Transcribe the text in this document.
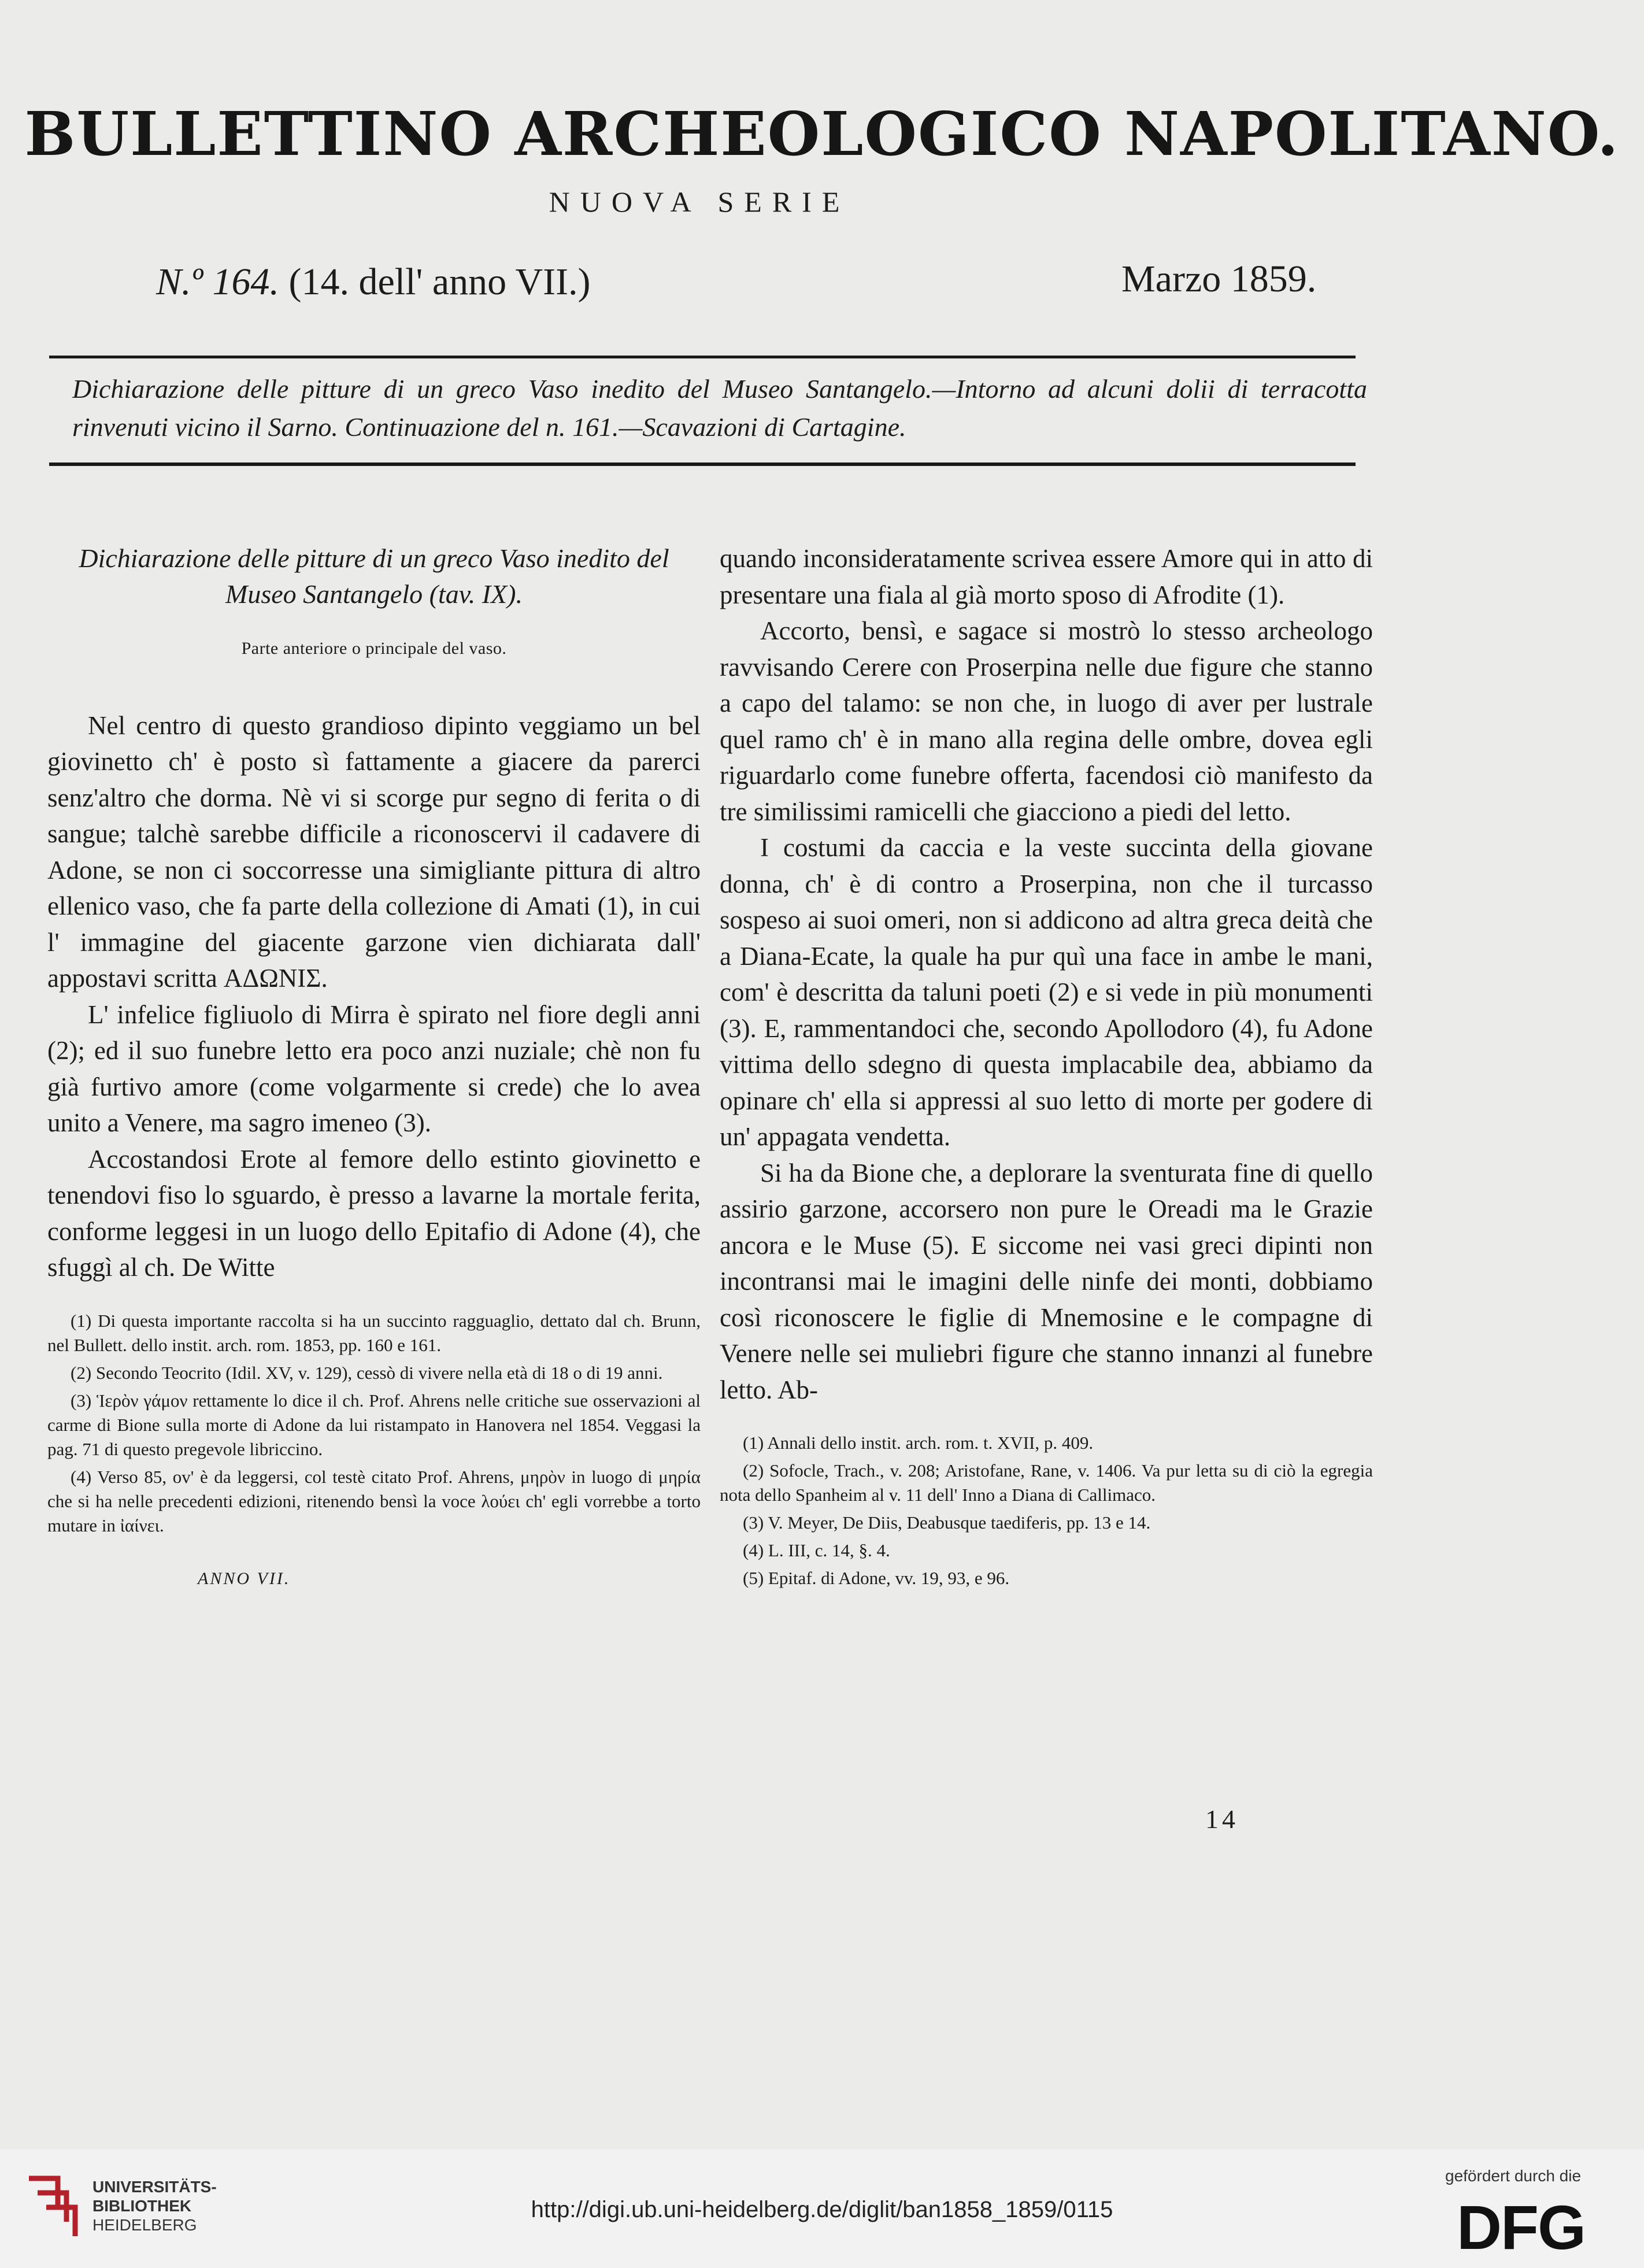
BULLETTINO ARCHEOLOGICO NAPOLITANO.
NUOVA SERIE
N.º 164. (14. dell' anno VII.)	Marzo 1859.
Dichiarazione delle pitture di un greco Vaso inedito del Museo Santangelo.—Intorno ad alcuni dolii di terracotta rinvenuti vicino il Sarno. Continuazione del n. 161.—Scavazioni di Cartagine.
Dichiarazione delle pitture di un greco Vaso inedito del Museo Santangelo (tav. IX).
Parte anteriore o principale del vaso.

Nel centro di questo grandioso dipinto veggiamo un bel giovinetto ch' è posto sì fattamente a giacere da parerci senz'altro che dorma. Nè vi si scorge pur segno di ferita o di sangue; talchè sarebbe difficile a riconoscervi il cadavere di Adone, se non ci soccorresse una simigliante pittura di altro ellenico vaso, che fa parte della collezione di Amati (1), in cui l' immagine del giacente garzone vien dichiarata dall' appostavi scritta ΑΔΩΝΙΣ.

L' infelice figliuolo di Mirra è spirato nel fiore degli anni (2); ed il suo funebre letto era poco anzi nuziale; chè non fu già furtivo amore (come volgarmente si crede) che lo avea unito a Venere, ma sagro imeneo (3).

Accostandosi Erote al femore dello estinto giovinetto e tenendovi fiso lo sguardo, è presso a lavarne la mortale ferita, conforme leggesi in un luogo dello Epitafio di Adone (4), che sfuggì al ch. De Witte

(1) Di questa importante raccolta si ha un succinto ragguaglio, dettato dal ch. Brunn, nel Bullett. dello instit. arch. rom. 1853, pp. 160 e 161.

(2) Secondo Teocrito (Idil. XV, v. 129), cessò di vivere nella età di 18 o di 19 anni.

(3) Ἱερὸν γάμον rettamente lo dice il ch. Prof. Ahrens nelle critiche sue osservazioni al carme di Bione sulla morte di Adone da lui ristampato in Hanovera nel 1854. Veggasi la pag. 71 di questo pregevole libriccino.

(4) Verso 85, ov' è da leggersi, col testè citato Prof. Ahrens, μηρὸν in luogo di μηρία che si ha nelle precedenti edizioni, ritenendo bensì la voce λούει ch' egli vorrebbe a torto mutare in ἰαίνει.

ANNO VII.

quando inconsideratamente scrivea essere Amore qui in atto di presentare una fiala al già morto sposo di Afrodite (1).

Accorto, bensì, e sagace si mostrò lo stesso archeologo ravvisando Cerere con Proserpina nelle due figure che stanno a capo del talamo: se non che, in luogo di aver per lustrale quel ramo ch' è in mano alla regina delle ombre, dovea egli riguardarlo come funebre offerta, facendosi ciò manifesto da tre similissimi ramicelli che giacciono a piedi del letto.

I costumi da caccia e la veste succinta della giovane donna, ch' è di contro a Proserpina, non che il turcasso sospeso ai suoi omeri, non si addicono ad altra greca deità che a Diana-Ecate, la quale ha pur quì una face in ambe le mani, com' è descritta da taluni poeti (2) e si vede in più monumenti (3). E, rammentandoci che, secondo Apollodoro (4), fu Adone vittima dello sdegno di questa implacabile dea, abbiamo da opinare ch' ella si appressi al suo letto di morte per godere di un' appagata vendetta.

Si ha da Bione che, a deplorare la sventurata fine di quello assirio garzone, accorsero non pure le Oreadi ma le Grazie ancora e le Muse (5). E siccome nei vasi greci dipinti non incontransi mai le imagini delle ninfe dei monti, dobbiamo così riconoscere le figlie di Mnemosine e le compagne di Venere nelle sei muliebri figure che stanno innanzi al funebre letto. Ab-

(1) Annali dello instit. arch. rom. t. XVII, p. 409.

(2) Sofocle, Trach., v. 208; Aristofane, Rane, v. 1406. Va pur letta su di ciò la egregia nota dello Spanheim al v. 11 dell' Inno a Diana di Callimaco.

(3) V. Meyer, De Diis, Deabusque taediferis, pp. 13 e 14.

(4) L. III, c. 14, §. 4.

(5) Epitaf. di Adone, vv. 19, 93, e 96.

14
UNIVERSITÄTS-
BIBLIOTHEK
HEIDELBERG
http://digi.ub.uni-heidelberg.de/diglit/ban1858_1859/0115
gefördert durch die
DFG
